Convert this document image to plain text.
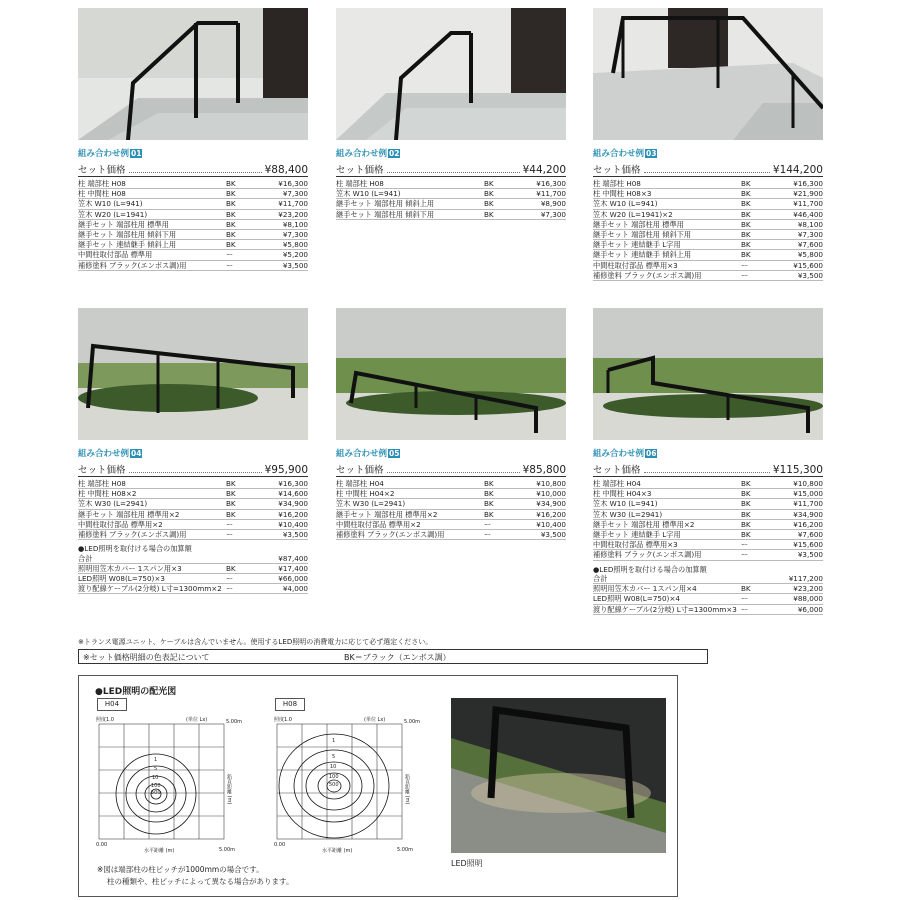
組み合わせ例 01
セット価格	¥88,400
柱 端部柱 H08	BK	¥16,300
柱 中間柱 H08	BK	¥7,300
笠木 W10 (L=941)	BK	¥11,700
笠木 W20 (L=1941)	BK	¥23,200
継手セット 端部柱用 標準用	BK	¥8,100
継手セット 端部柱用 傾斜下用	BK	¥7,300
継手セット 連結継手 傾斜上用	BK	¥5,800
中間柱取付部品 標準用	ー	¥5,200
補修塗料 ブラック(エンボス調)用	ー	¥3,500
組み合わせ例 02
セット価格	¥44,200
柱 端部柱 H08	BK	¥16,300
笠木 W10 (L=941)	BK	¥11,700
継手セット 端部柱用 傾斜上用	BK	¥8,900
継手セット 端部柱用 傾斜下用	BK	¥7,300
組み合わせ例 03
セット価格	¥144,200
柱 端部柱 H08	BK	¥16,300
柱 中間柱 H08×3	BK	¥21,900
笠木 W10 (L=941)	BK	¥11,700
笠木 W20 (L=1941)×2	BK	¥46,400
継手セット 端部柱用 標準用	BK	¥8,100
継手セット 端部柱用 傾斜下用	BK	¥7,300
継手セット 連結継手 L字用	BK	¥7,600
継手セット 連結継手 傾斜上用	BK	¥5,800
中間柱取付部品 標準用×3	ー	¥15,600
補修塗料 ブラック(エンボス調)用	ー	¥3,500
組み合わせ例 04
セット価格	¥95,900
柱 端部柱 H08	BK	¥16,300
柱 中間柱 H08×2	BK	¥14,600
笠木 W30 (L=2941)	BK	¥34,900
継手セット 端部柱用 標準用×2	BK	¥16,200
中間柱取付部品 標準用×2	ー	¥10,400
補修塗料 ブラック(エンボス調)用	ー	¥3,500
●LED照明を取付ける場合の加算額
合計	¥87,400
照明用笠木カバー 1スパン用×3	BK	¥17,400
LED照明 W08(L=750)×3	ー	¥66,000
渡り配線ケーブル(2分岐) L寸=1300mm×2 ー	¥4,000
組み合わせ例 05
セット価格	¥85,800
柱 端部柱 H04	BK	¥10,800
柱 中間柱 H04×2	BK	¥10,000
笠木 W30 (L=2941)	BK	¥34,900
継手セット 端部柱用 標準用×2	BK	¥16,200
中間柱取付部品 標準用×2	ー	¥10,400
補修塗料 ブラック(エンボス調)用	ー	¥3,500
組み合わせ例 06
セット価格	¥115,300
柱 端部柱 H04	BK	¥10,800
柱 中間柱 H04×3	BK	¥15,000
笠木 W10 (L=941)	BK	¥11,700
笠木 W30 (L=2941)	BK	¥34,900
継手セット 端部柱用 標準用×2	BK	¥16,200
継手セット 連結継手 L字用	BK	¥7,600
中間柱取付部品 標準用×3	ー	¥15,600
補修塗料 ブラック(エンボス調)用	ー	¥3,500
●LED照明を取付ける場合の加算額
合計	¥117,200
照明用笠木カバー 1スパン用×4	BK	¥23,200
LED照明 W08(L=750)×4	ー	¥88,000
渡り配線ケーブル(2分岐) L寸=1300mm×3 ー	¥6,000
※トランス電源ユニット、ケーブルは含んでいません。使用するLED照明の消費電力に応じて必ず選定ください。
※セット価格明細の色表記について	BK＝ブラック（エンボス調）
●LED照明の配光図
H04
照度1.0	(単位 Lx)	5.00m
1
5
10
100
500
0.00
水平距離 (m)	5.00m
鉛直距離 (m)
H08
照度1.0	(単位 Lx)	5.00m
1
5
10
100
500
0.00
水平距離 (m)	5.00m
鉛直距離 (m)
※図は端部柱の柱ピッチが1000mmの場合です。
柱の種類や、柱ピッチによって異なる場合があります。
LED照明
